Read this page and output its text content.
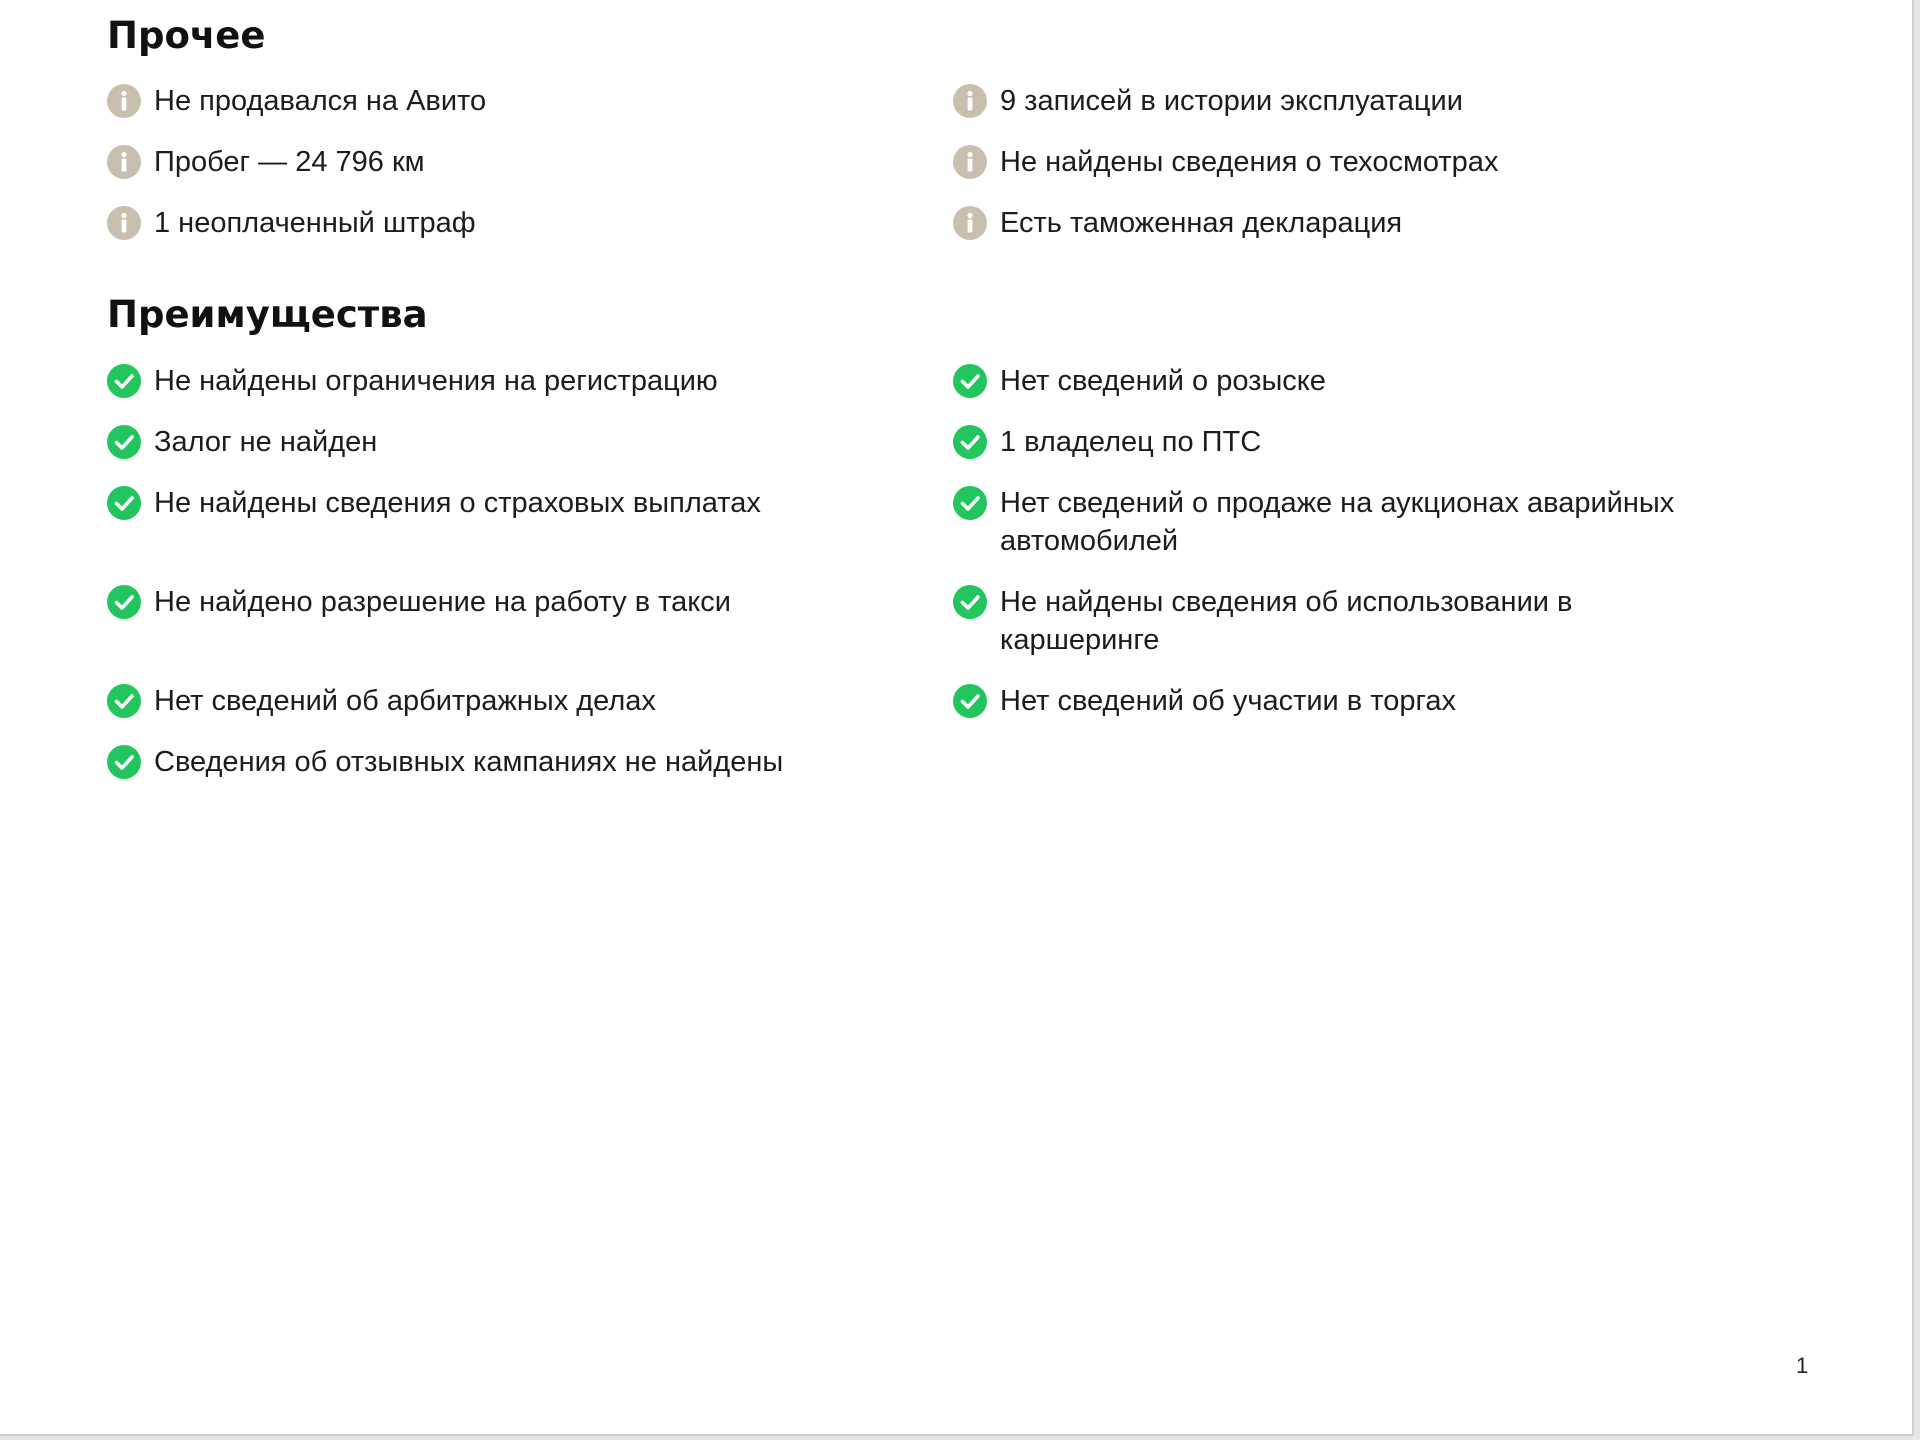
Прочее
Не продавался на Авито	9 записей в истории эксплуатации
Пробег — 24 796 км	Не найдены сведения о техосмотрах
1 неоплаченный штраф	Есть таможенная декларация
Преимущества
Не найдены ограничения на регистрацию	Нет сведений о розыске
Залог не найден	1 владелец по ПТС
Не найдены сведения о страховых выплатах	Нет сведений о продаже на аукционах аварийных автомобилей
Не найдено разрешение на работу в такси	Не найдены сведения об использовании в каршеринге
Нет сведений об арбитражных делах	Нет сведений об участии в торгах
Сведения об отзывных кампаниях не найдены
1
